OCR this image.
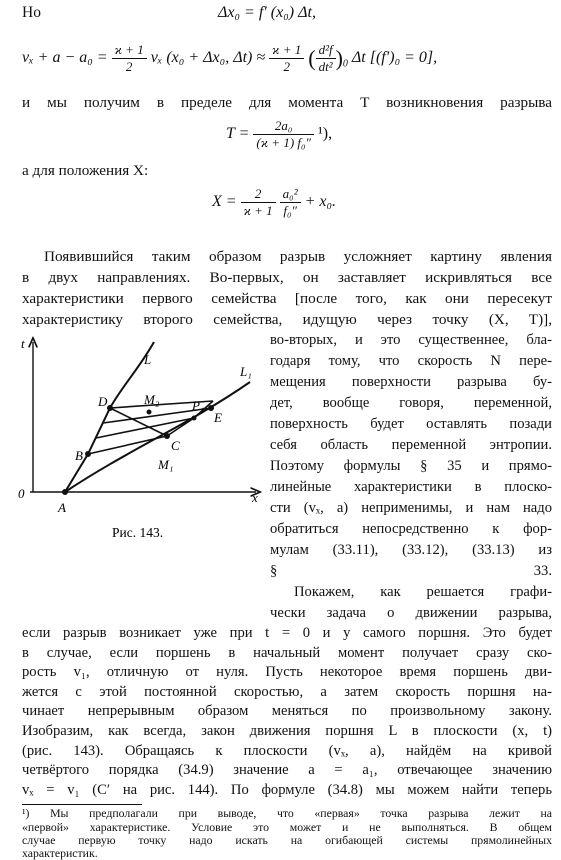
Но	Δx₀ = f′ (x₀) Δt,
$v_x + a - a_0 = \frac{ϰ + 1}{2}$ vₓ (x₀ + Δx₀, $\Delta t) \approx \frac{ϰ + 1}{2}$ ( $\frac{\text{d²f}}{\text{dt²}} )_0$ Δt [(f′)₀ = 0],
и мы получим в пределе для момента T возникновения разрыва
$T = \frac{\text{2a₀}}{\text{(ϰ + 1) f₀″}} ^1$),
а для положения X:
$X = \frac{2}{ϰ + 1}$
$\frac{\text{a₀²}}{\text{f₀″}} + x_0$.
Появившийся таким образом разрыв усложняет картину явления
в двух направлениях. Во-первых, он заставляет искривляться все
характеристики первого семейства [после того, как они пересекут
характеристику второго семейства, идущую через точку (X, T)],
t
x
0
A
B
D
C
E
L
L₁
M₁
M₂	P₁
Рис. 143.
во-вторых, и это существеннее, бла-
годаря тому, что скорость N пере-
мещения поверхности разрыва бу-
дет, вообще говоря, переменной,
поверхность будет оставлять позади
себя область переменной энтропии.
Поэтому формулы § 35 и прямо-
линейные характеристики в плоско-
сти (vₓ, a) неприменимы, и нам надо
обратиться непосредственно к фор-
мулам (33.11), (33.12), (33.13) из
§ 33.
Покажем, как решается графи-
чески задача о движении разрыва,
если разрыв возникает уже при t = 0 и у самого поршня. Это будет
в случае, если поршень в начальный момент получает сразу ско-
рость v₁, отличную от нуля. Пусть некоторое время поршень дви-
жется с этой постоянной скоростью, а затем скорость поршня на-
чинает непрерывным образом меняться по произвольному закону.
Изобразим, как всегда, закон движения поршня L в плоскости (x, t)
(рис. 143). Обращаясь к плоскости (vₓ, a), найдём на кривой
четвёртого порядка (34.9) значение a = a₁, отвечающее значению
vₓ = v₁ (C′ на рис. 144). По формуле (34.8) мы можем найти теперь
¹) Мы предполагали при выводе, что «первая» точка разрыва лежит на
«первой» характеристике. Условие это может и не выполняться. В общем
случае первую точку надо искать на огибающей системы прямолинейных
характеристик.
